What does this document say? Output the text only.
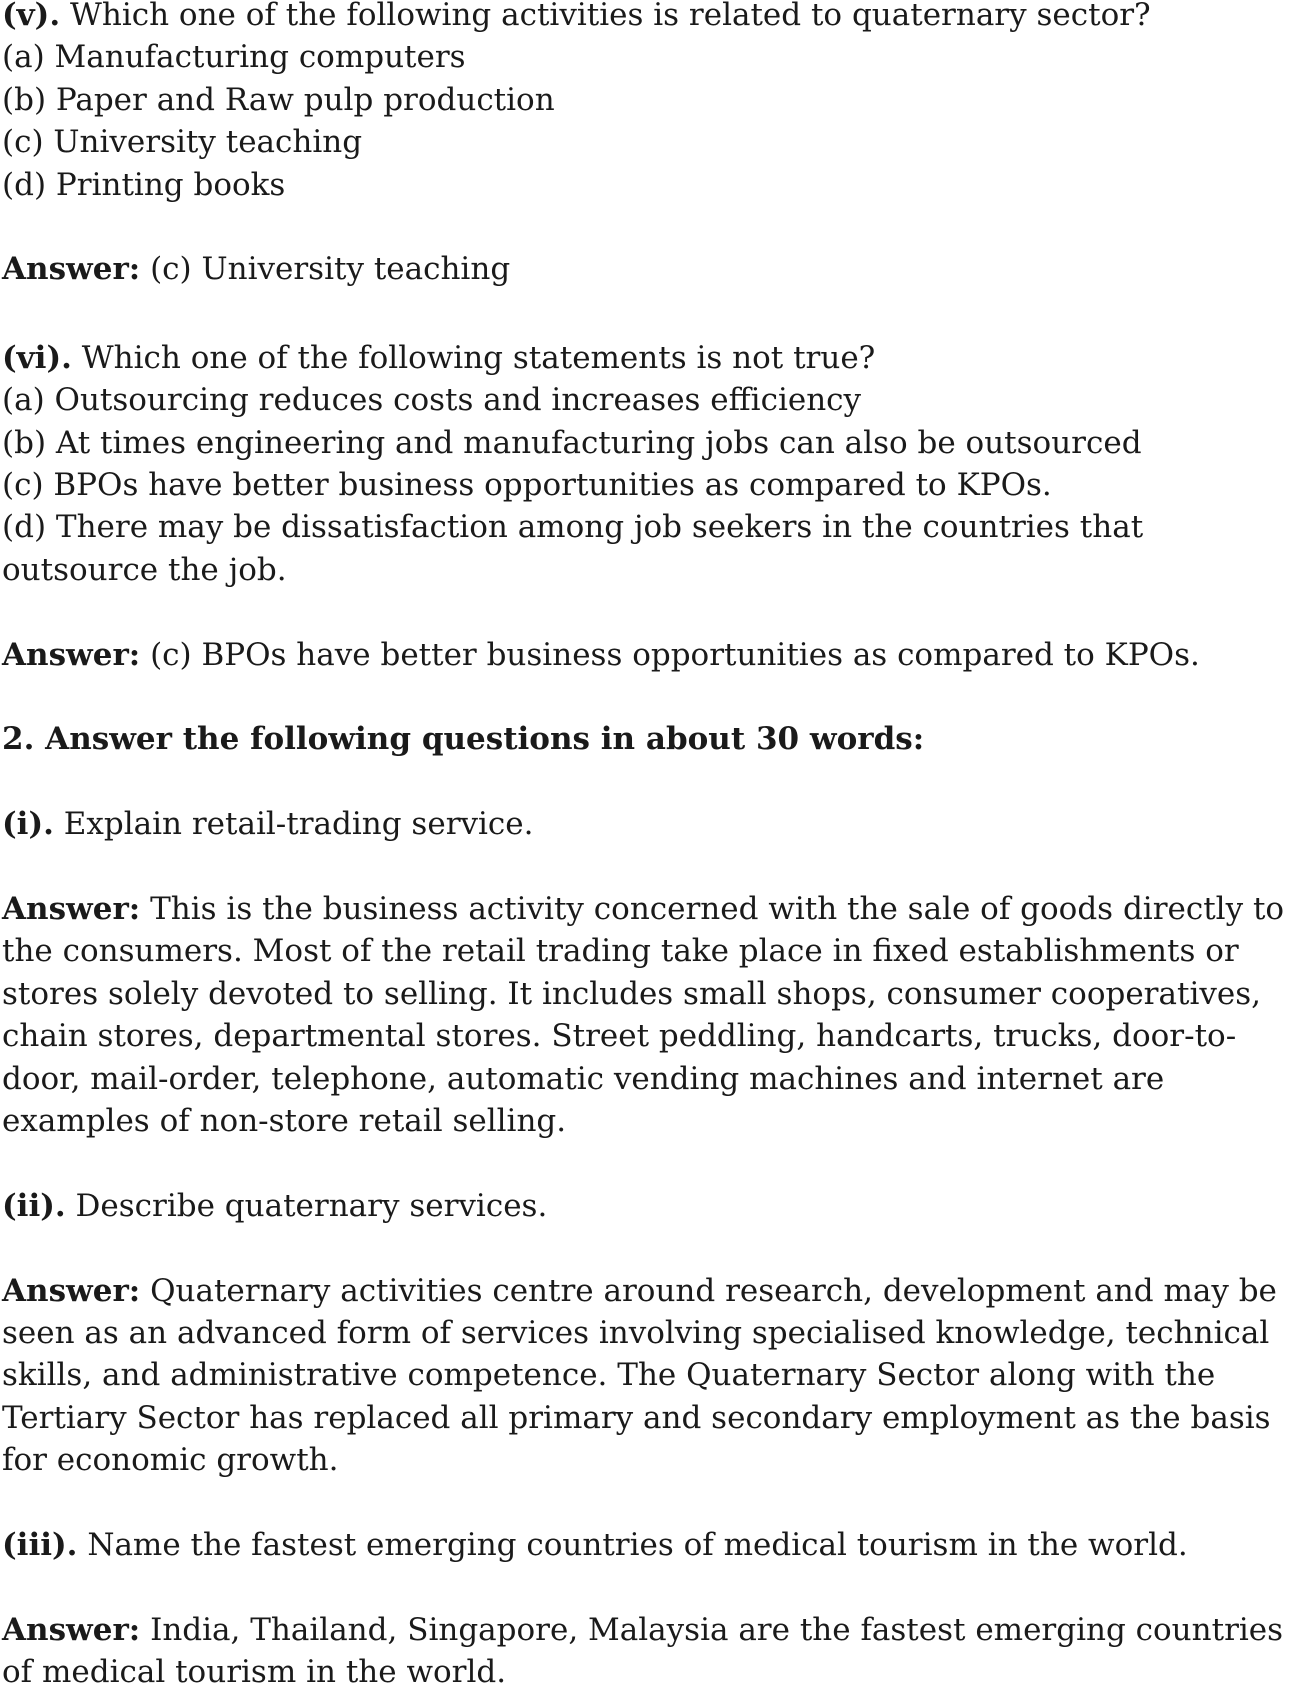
(v). Which one of the following activities is related to quaternary sector?

(a) Manufacturing computers

(b) Paper and Raw pulp production

(c) University teaching

(d) Printing books

Answer: (c) University teaching

(vi). Which one of the following statements is not true?

(a) Outsourcing reduces costs and increases efficiency

(b) At times engineering and manufacturing jobs can also be outsourced

(c) BPOs have better business opportunities as compared to KPOs.

(d) There may be dissatisfaction among job seekers in the countries that outsource the job.

Answer: (c) BPOs have better business opportunities as compared to KPOs.

2. Answer the following questions in about 30 words:

(i). Explain retail-trading service.

Answer: This is the business activity concerned with the sale of goods directly to the consumers. Most of the retail trading take place in fixed establishments or stores solely devoted to selling. It includes small shops, consumer cooperatives, chain stores, departmental stores. Street peddling, handcarts, trucks, door-to-door, mail-order, telephone, automatic vending machines and internet are examples of non-store retail selling.

(ii). Describe quaternary services.

Answer: Quaternary activities centre around research, development and may be seen as an advanced form of services involving specialised knowledge, technical skills, and administrative competence. The Quaternary Sector along with the Tertiary Sector has replaced all primary and secondary employment as the basis for economic growth.

(iii). Name the fastest emerging countries of medical tourism in the world.

Answer: India, Thailand, Singapore, Malaysia are the fastest emerging countries of medical tourism in the world.
